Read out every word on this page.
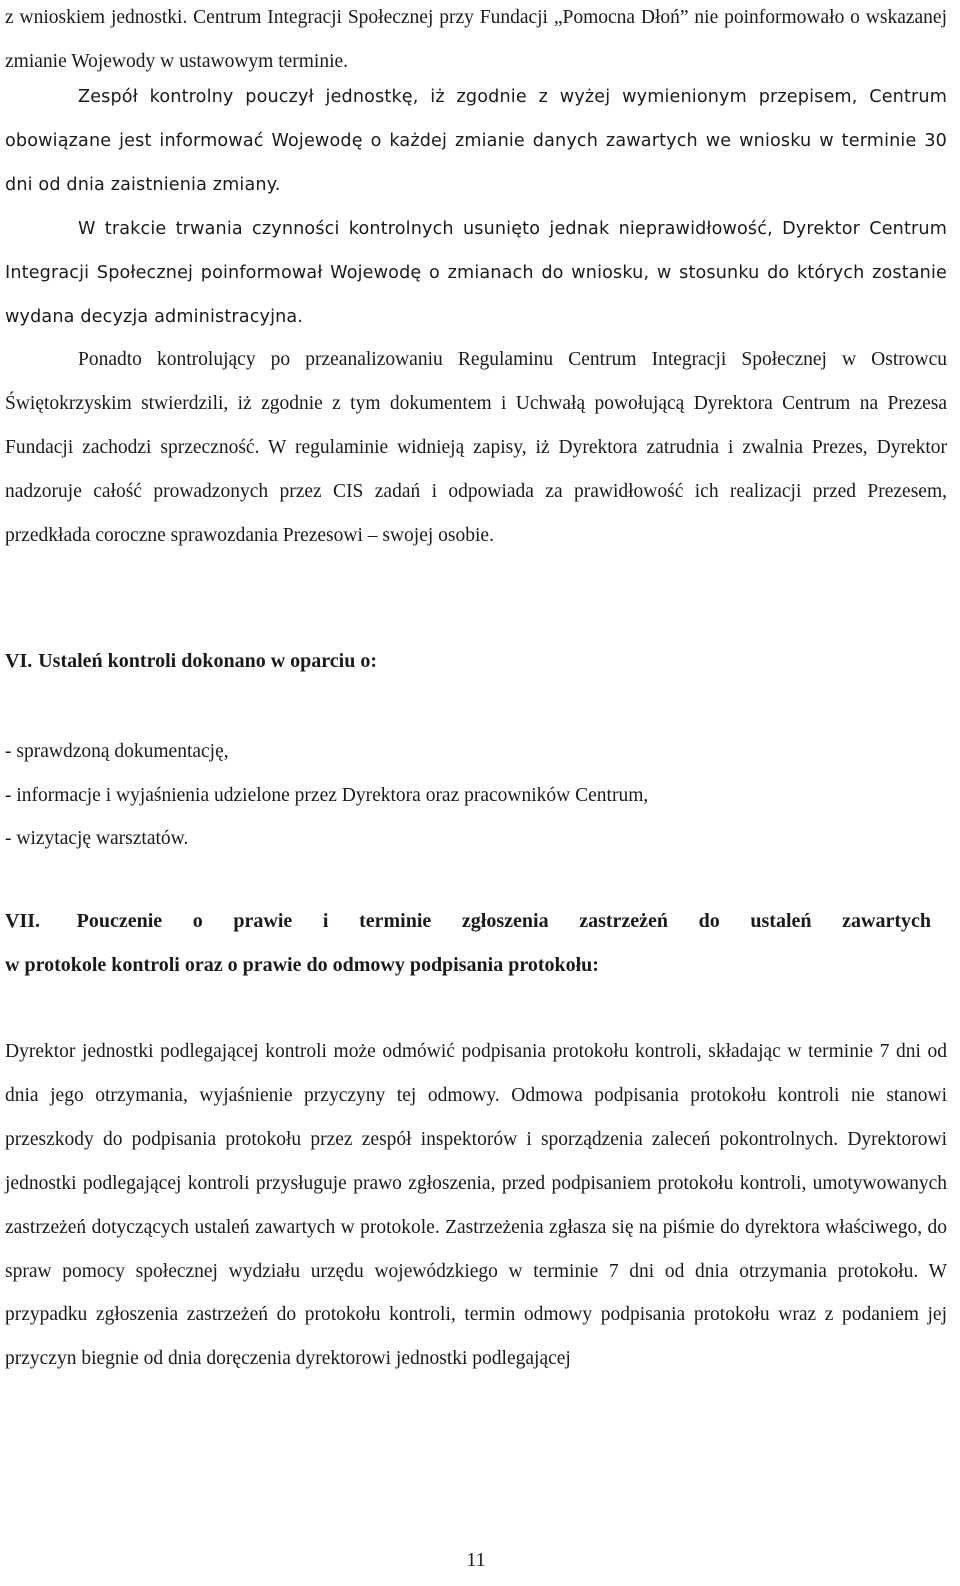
z wnioskiem jednostki. Centrum Integracji Społecznej przy Fundacji „Pomocna Dłoń” nie poinformowało o wskazanej zmianie Wojewody w ustawowym terminie.

Zespół kontrolny pouczył jednostkę, iż zgodnie z wyżej wymienionym przepisem, Centrum obowiązane jest informować Wojewodę o każdej zmianie danych zawartych we wniosku w terminie 30 dni od dnia zaistnienia zmiany.

W trakcie trwania czynności kontrolnych usunięto jednak nieprawidłowość, Dyrektor Centrum Integracji Społecznej poinformował Wojewodę o zmianach do wniosku, w stosunku do których zostanie wydana decyzja administracyjna.

Ponadto kontrolujący po przeanalizowaniu Regulaminu Centrum Integracji Społecznej w Ostrowcu Świętokrzyskim stwierdzili, iż zgodnie z tym dokumentem i Uchwałą powołującą Dyrektora Centrum na Prezesa Fundacji zachodzi sprzeczność. W regulaminie widnieją zapisy, iż Dyrektora zatrudnia i zwalnia Prezes, Dyrektor nadzoruje całość prowadzonych przez CIS zadań i odpowiada za prawidłowość ich realizacji przed Prezesem, przedkłada coroczne sprawozdania Prezesowi – swojej osobie.

VI. Ustaleń kontroli dokonano w oparciu o:
- sprawdzoną dokumentację,
- informacje i wyjaśnienia udzielone przez Dyrektora oraz pracowników Centrum,
- wizytację warsztatów.
VII. Pouczenie o prawie i terminie zgłoszenia zastrzeżeń do ustaleń zawartych
w protokole kontroli oraz o prawie do odmowy podpisania protokołu:

Dyrektor jednostki podlegającej kontroli może odmówić podpisania protokołu kontroli, składając w terminie 7 dni od dnia jego otrzymania, wyjaśnienie przyczyny tej odmowy. Odmowa podpisania protokołu kontroli nie stanowi przeszkody do podpisania protokołu przez zespół inspektorów i sporządzenia zaleceń pokontrolnych. Dyrektorowi jednostki podlegającej kontroli przysługuje prawo zgłoszenia, przed podpisaniem protokołu kontroli, umotywowanych zastrzeżeń dotyczących ustaleń zawartych w protokole. Zastrzeżenia zgłasza się na piśmie do dyrektora właściwego, do spraw pomocy społecznej wydziału urzędu wojewódzkiego w terminie 7 dni od dnia otrzymania protokołu. W przypadku zgłoszenia zastrzeżeń do protokołu kontroli, termin odmowy podpisania protokołu wraz z podaniem jej przyczyn biegnie od dnia doręczenia dyrektorowi jednostki podlegającej

11
